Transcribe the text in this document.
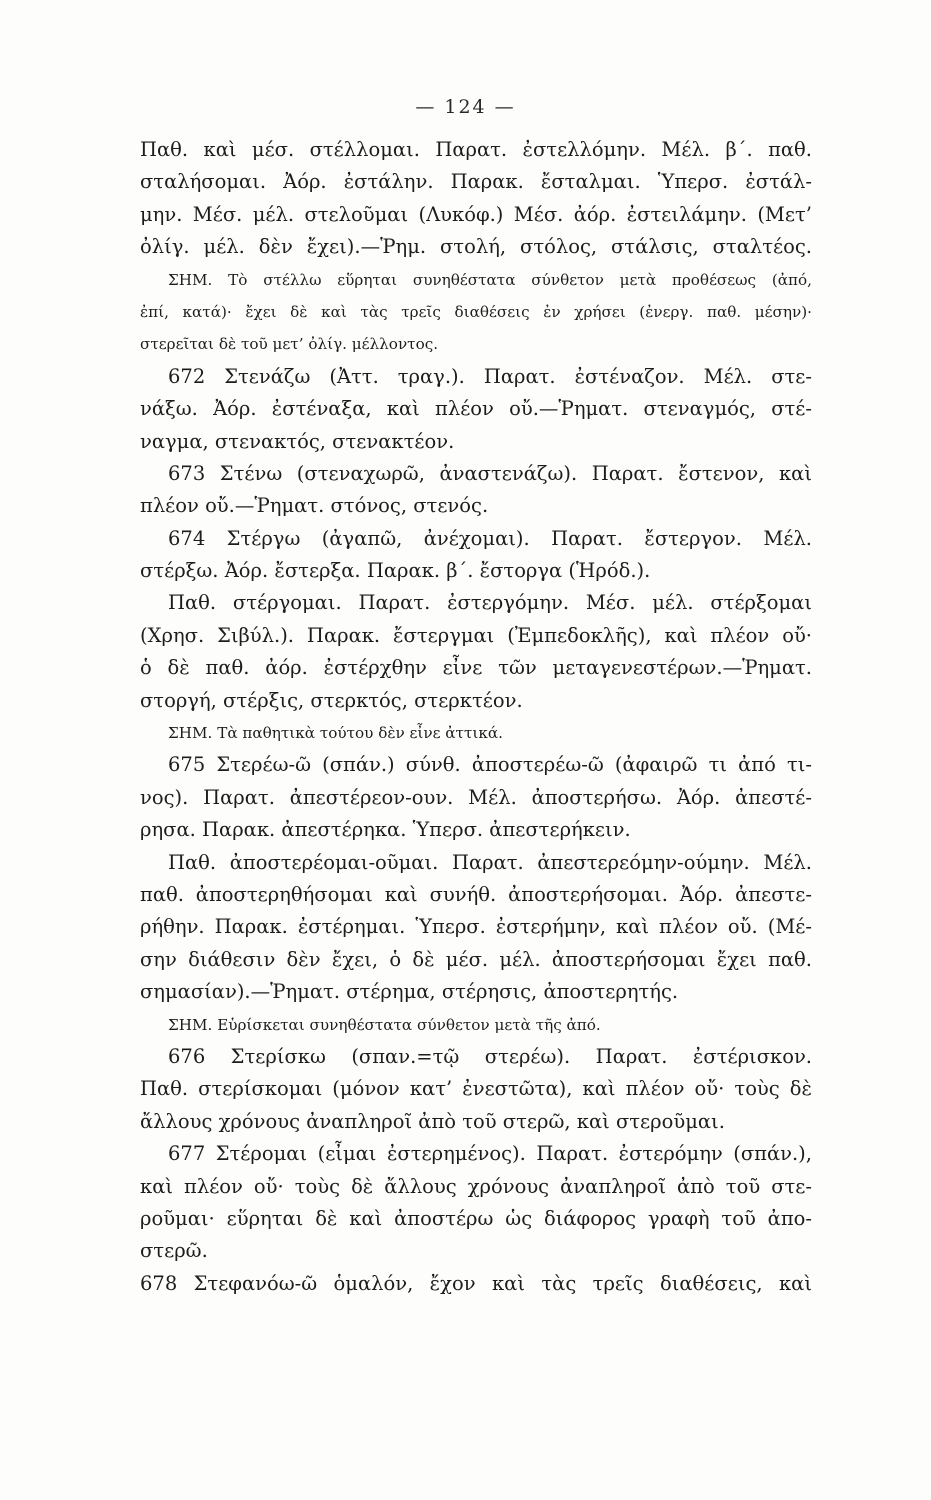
— 124 —
Παθ. καὶ μέσ. στέλλομαι. Παρατ. ἐστελλόμην. Μέλ. β΄. παθ.
σταλήσομαι. Ἀόρ. ἐστάλην. Παρακ. ἔσταλμαι. Ὑπερσ. ἐστάλ-
μην. Μέσ. μέλ. στελοῦμαι (Λυκόφ.) Μέσ. ἀόρ. ἐστειλάμην. (Μετ’
ὀλίγ. μέλ. δὲν ἔχει).—Ῥημ. στολή, στόλος, στάλσις, σταλτέος.
ΣΗΜ. Τὸ στέλλω εὕρηται συνηθέστατα σύνθετον μετὰ προθέσεως (ἀπό,
ἐπί, κατά)· ἔχει δὲ καὶ τὰς τρεῖς διαθέσεις ἐν χρήσει (ἐνεργ. παθ. μέσην)·
στερεῖται δὲ τοῦ μετ’ ὀλίγ. μέλλοντος.
672 Στενάζω (Ἀττ. τραγ.). Παρατ. ἐστέναζον. Μέλ. στε-
νάξω. Ἀόρ. ἐστέναξα, καὶ πλέον οὔ.—Ῥηματ. στεναγμός, στέ-
ναγμα, στενακτός, στενακτέον.
673 Στένω (στεναχωρῶ, ἀναστενάζω). Παρατ. ἔστενον, καὶ
πλέον οὔ.—Ῥηματ. στόνος, στενός.
674 Στέργω (ἀγαπῶ, ἀνέχομαι). Παρατ. ἔστεργον. Μέλ.
στέρξω. Ἀόρ. ἔστερξα. Παρακ. β΄. ἔστοργα (Ἡρόδ.).
Παθ. στέργομαι. Παρατ. ἐστεργόμην. Μέσ. μέλ. στέρξομαι
(Χρησ. Σιβύλ.). Παρακ. ἔστεργμαι (Ἐμπεδοκλῆς), καὶ πλέον οὔ·
ὁ δὲ παθ. ἀόρ. ἐστέρχθην εἶνε τῶν μεταγενεστέρων.—Ῥηματ.
στοργή, στέρξις, στερκτός, στερκτέον.
ΣΗΜ. Τὰ παθητικὰ τούτου δὲν εἶνε ἀττικά.
675 Στερέω-ῶ (σπάν.) σύνθ. ἀποστερέω-ῶ (ἀφαιρῶ τι ἀπό τι-
νος). Παρατ. ἀπεστέρεον-ουν. Μέλ. ἀποστερήσω. Ἀόρ. ἀπεστέ-
ρησα. Παρακ. ἀπεστέρηκα. Ὑπερσ. ἀπεστερήκειν.
Παθ. ἀποστερέομαι-οῦμαι. Παρατ. ἀπεστερεόμην-ούμην. Μέλ.
παθ. ἀποστερηθήσομαι καὶ συνήθ. ἀποστερήσομαι. Ἀόρ. ἀπεστε-
ρήθην. Παρακ. ἐστέρημαι. Ὑπερσ. ἐστερήμην, καὶ πλέον οὔ. (Μέ-
σην διάθεσιν δὲν ἔχει, ὁ δὲ μέσ. μέλ. ἀποστερήσομαι ἔχει παθ.
σημασίαν).—Ῥηματ. στέρημα, στέρησις, ἀποστερητής.
ΣΗΜ. Εὑρίσκεται συνηθέστατα σύνθετον μετὰ τῆς ἀπό.
676 Στερίσκω (σπαν.=τῷ στερέω). Παρατ. ἐστέρισκον.
Παθ. στερίσκομαι (μόνον κατ’ ἐνεστῶτα), καὶ πλέον οὔ· τοὺς δὲ
ἄλλους χρόνους ἀναπληροῖ ἀπὸ τοῦ στερῶ, καὶ στεροῦμαι.
677 Στέρομαι (εἶμαι ἐστερημένος). Παρατ. ἐστερόμην (σπάν.),
καὶ πλέον οὔ· τοὺς δὲ ἄλλους χρόνους ἀναπληροῖ ἀπὸ τοῦ στε-
ροῦμαι· εὕρηται δὲ καὶ ἀποστέρω ὡς διάφορος γραφὴ τοῦ ἀπο-
στερῶ.
678 Στεφανόω-ῶ ὁμαλόν, ἔχον καὶ τὰς τρεῖς διαθέσεις, καὶ
